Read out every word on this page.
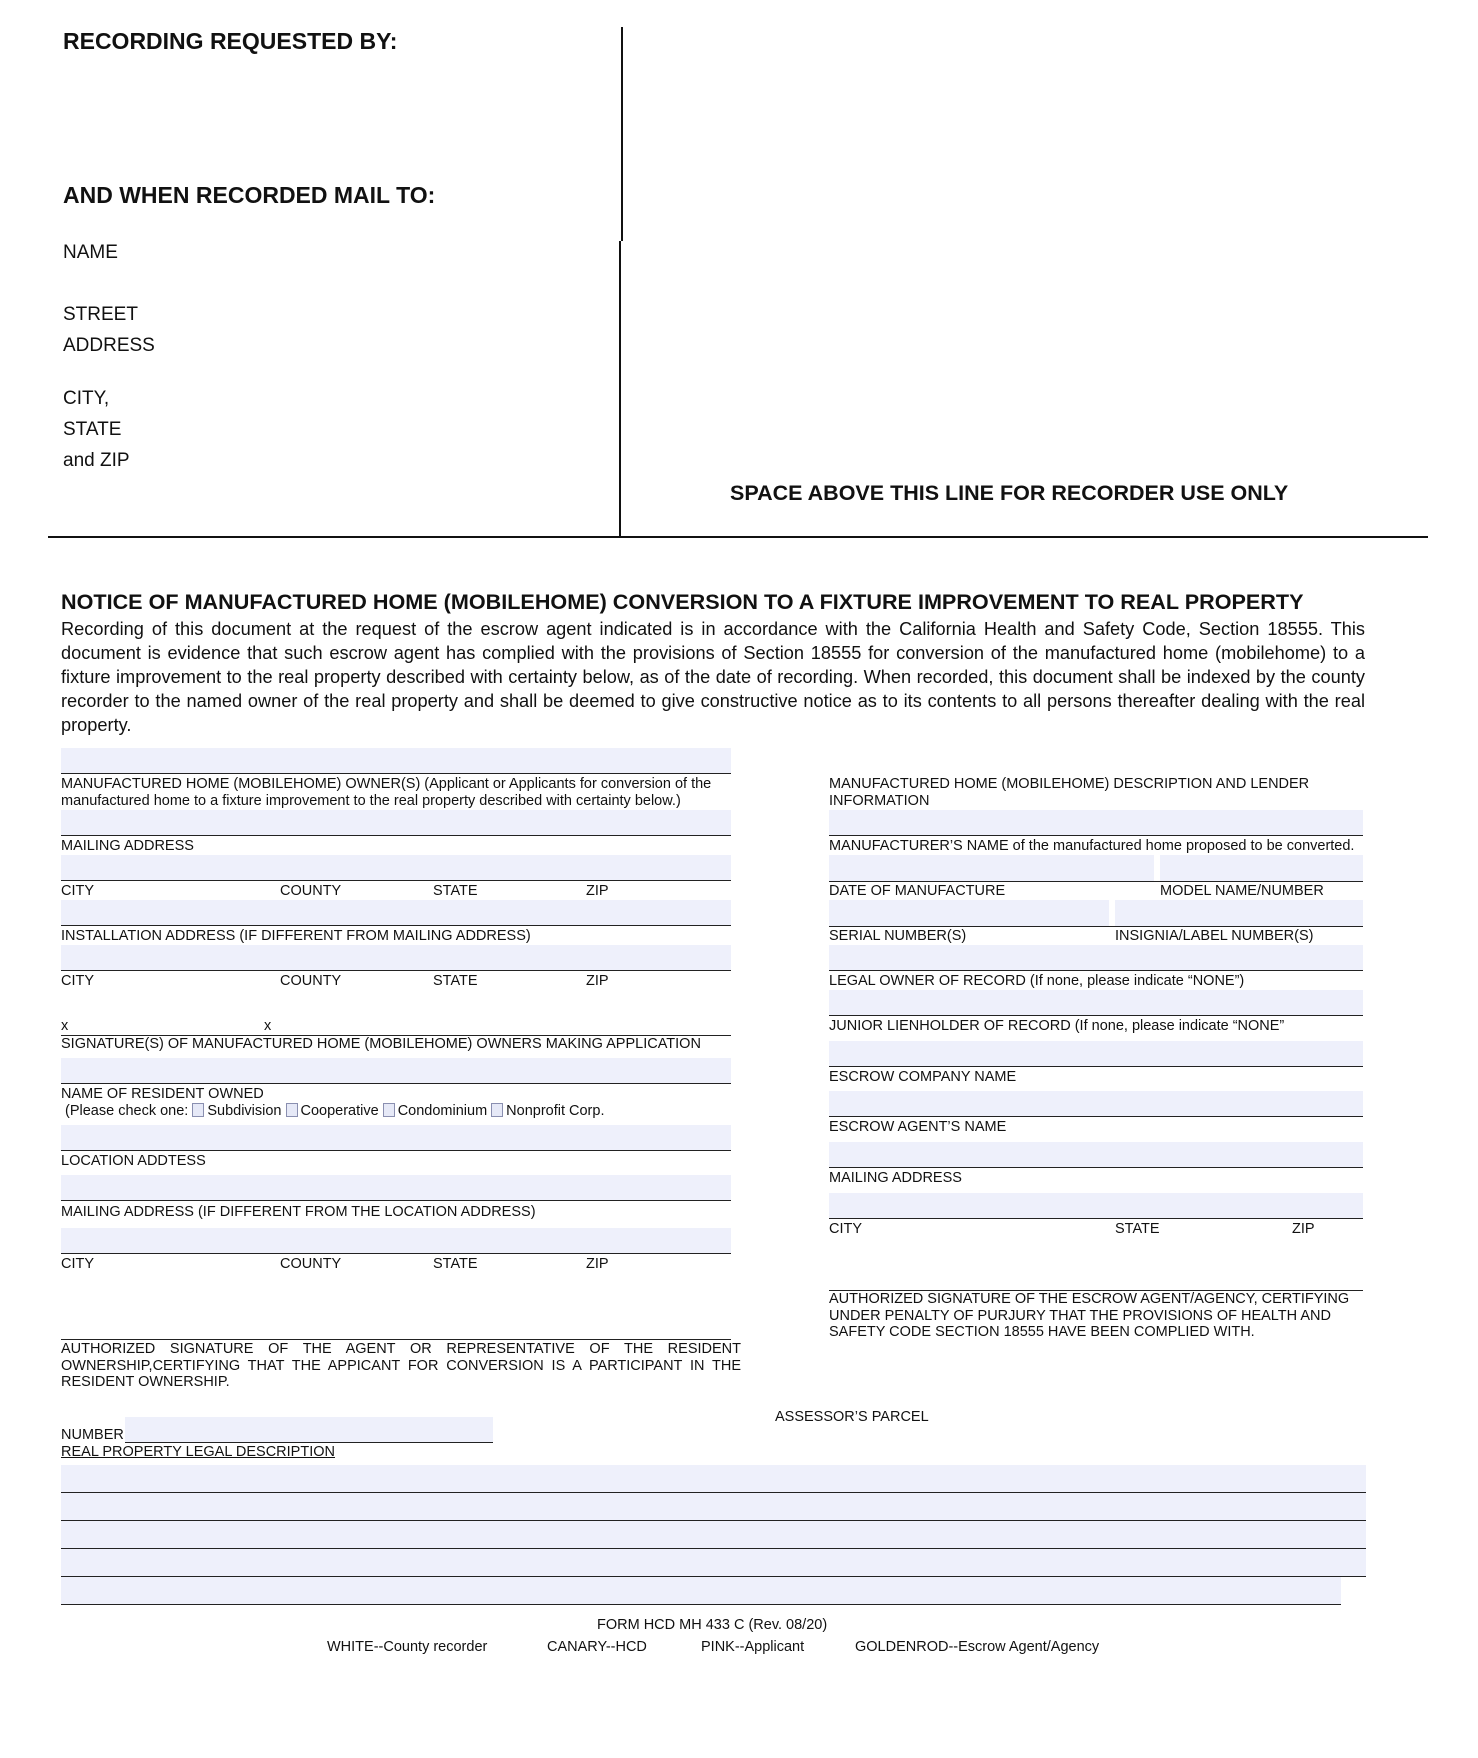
RECORDING REQUESTED BY:
AND WHEN RECORDED MAIL TO:
NAME
STREET
ADDRESS
CITY,
STATE
and ZIP
SPACE ABOVE THIS LINE FOR RECORDER USE ONLY
NOTICE OF MANUFACTURED HOME (MOBILEHOME) CONVERSION TO A FIXTURE IMPROVEMENT TO REAL PROPERTY
Recording of this document at the request of the escrow agent indicated is in accordance with the California Health and Safety Code, Section 18555. This document is evidence that such escrow agent has complied with the provisions of Section 18555 for conversion of the manufactured home (mobilehome) to a fixture improvement to the real property described with certainty below, as of the date of recording. When recorded, this document shall be indexed by the county recorder to the named owner of the real property and shall be deemed to give constructive notice as to its contents to all persons thereafter dealing with the real property.
MANUFACTURED HOME (MOBILEHOME) OWNER(S) (Applicant or Applicants for conversion of the
manufactured home to a fixture improvement to the real property described with certainty below.)
MAILING ADDRESS
CITY	COUNTY	STATE	ZIP
INSTALLATION ADDRESS (IF DIFFERENT FROM MAILING ADDRESS)
CITY	COUNTY	STATE	ZIP
x	x
SIGNATURE(S) OF MANUFACTURED HOME (MOBILEHOME) OWNERS MAKING APPLICATION
NAME OF RESIDENT OWNED
(Please check one: Subdivision Cooperative Condominium Nonprofit Corp.
LOCATION ADDTESS
MAILING ADDRESS (IF DIFFERENT FROM THE LOCATION ADDRESS)
CITY	COUNTY	STATE	ZIP
AUTHORIZED SIGNATURE OF THE AGENT OR REPRESENTATIVE OF THE RESIDENT OWNERSHIP,CERTIFYING THAT THE APPICANT FOR CONVERSION IS A PARTICIPANT IN THE RESIDENT OWNERSHIP.
MANUFACTURED HOME (MOBILEHOME) DESCRIPTION AND LENDER
INFORMATION
MANUFACTURER’S NAME of the manufactured home proposed to be converted.
DATE OF MANUFACTURE	MODEL NAME/NUMBER
SERIAL NUMBER(S)	INSIGNIA/LABEL NUMBER(S)
LEGAL OWNER OF RECORD (If none, please indicate “NONE”)
JUNIOR LIENHOLDER OF RECORD (If none, please indicate “NONE”
ESCROW COMPANY NAME
ESCROW AGENT’S NAME
MAILING ADDRESS
CITY	STATE	ZIP
AUTHORIZED SIGNATURE OF THE ESCROW AGENT/AGENCY, CERTIFYING UNDER PENALTY OF PURJURY THAT THE PROVISIONS OF HEALTH AND SAFETY CODE SECTION 18555 HAVE BEEN COMPLIED WITH.
ASSESSOR’S PARCEL
NUMBER
REAL PROPERTY LEGAL DESCRIPTION
FORM HCD MH 433 C (Rev. 08/20)
WHITE--County recorder	CANARY--HCD	PINK--Applicant	GOLDENROD--Escrow Agent/Agency
